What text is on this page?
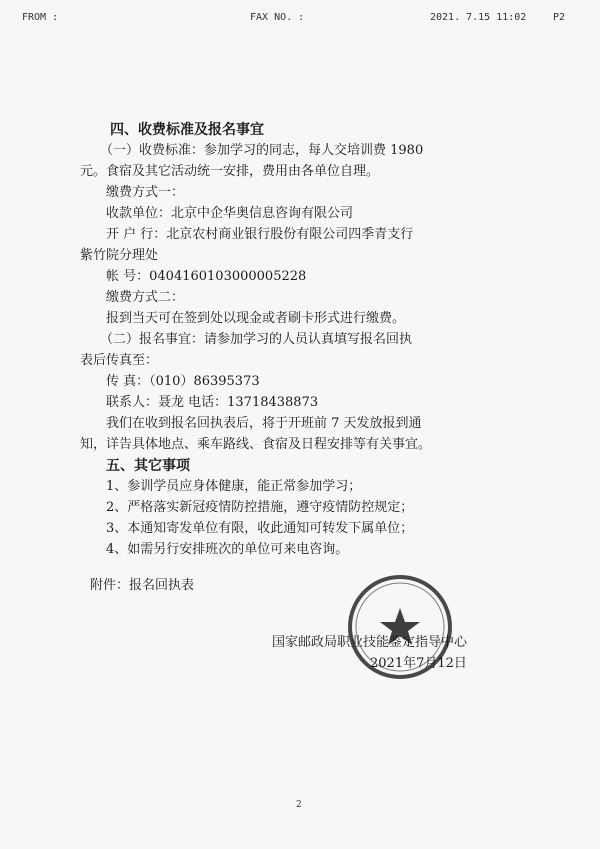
FROM :	FAX NO. :	2021. 7.15 11:02	P2
四、收费标准及报名事宜
（一）收费标准：参加学习的同志，每人交培训费 1980
元。食宿及其它活动统一安排，费用由各单位自理。
缴费方式一：
收款单位：北京中企华奥信息咨询有限公司
开 户 行：北京农村商业银行股份有限公司四季青支行
紫竹院分理处
帐 号：0404160103000005228
缴费方式二：
报到当天可在签到处以现金或者刷卡形式进行缴费。
（二）报名事宜：请参加学习的人员认真填写报名回执
表后传真至：
传 真：（010）86395373
联系人：聂龙 电话：13718438873
我们在收到报名回执表后，将于开班前 7 天发放报到通
知，详告具体地点、乘车路线、食宿及日程安排等有关事宜。
五、其它事项
1、参训学员应身体健康，能正常参加学习；
2、严格落实新冠疫情防控措施，遵守疫情防控规定；
3、本通知寄发单位有限，收此通知可转发下属单位；
4、如需另行安排班次的单位可来电咨询。
附件：报名回执表
国家邮政局职业技能鉴定指导中心
2021年7月12日
2
